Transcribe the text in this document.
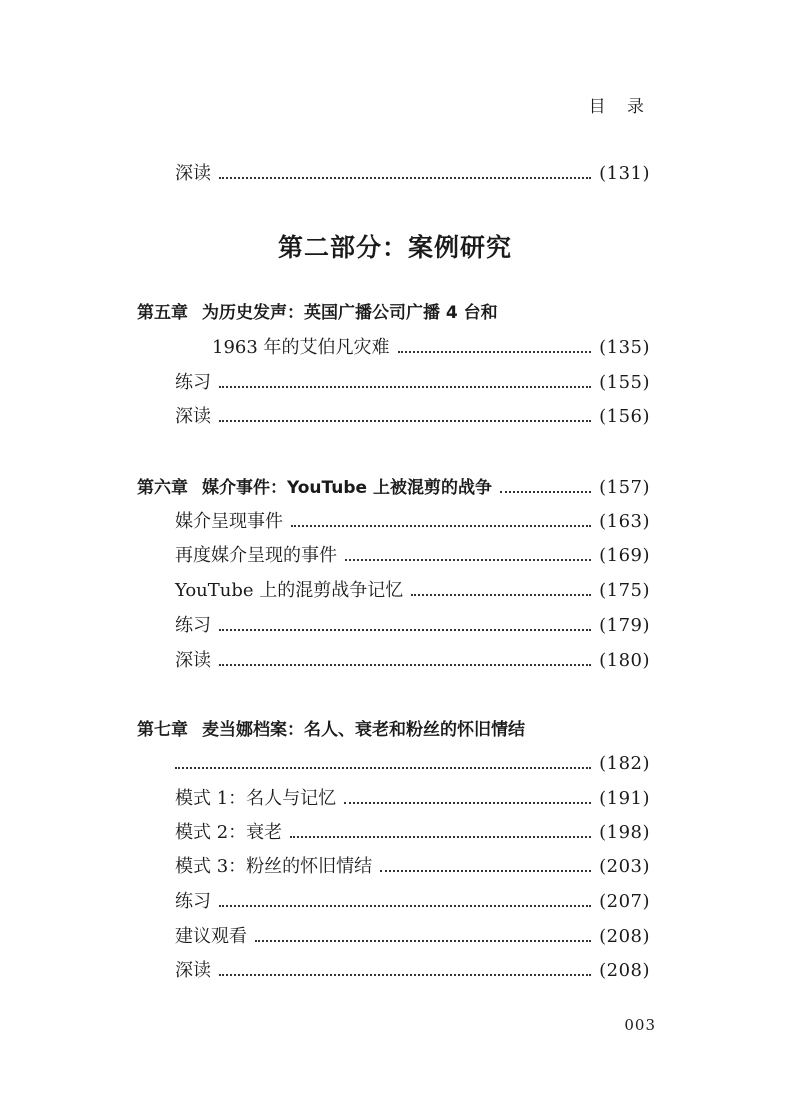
目 录
深读	(131)
第二部分：案例研究
第五章 为历史发声：英国广播公司广播 4 台和
1963 年的艾伯凡灾难	(135)
练习	(155)
深读	(156)
第六章 媒介事件：YouTube 上被混剪的战争	(157)
媒介呈现事件	(163)
再度媒介呈现的事件	(169)
YouTube 上的混剪战争记忆	(175)
练习	(179)
深读	(180)
第七章 麦当娜档案：名人、衰老和粉丝的怀旧情结
(182)
模式 1：名人与记忆	(191)
模式 2：衰老	(198)
模式 3：粉丝的怀旧情结	(203)
练习	(207)
建议观看	(208)
深读	(208)
003
